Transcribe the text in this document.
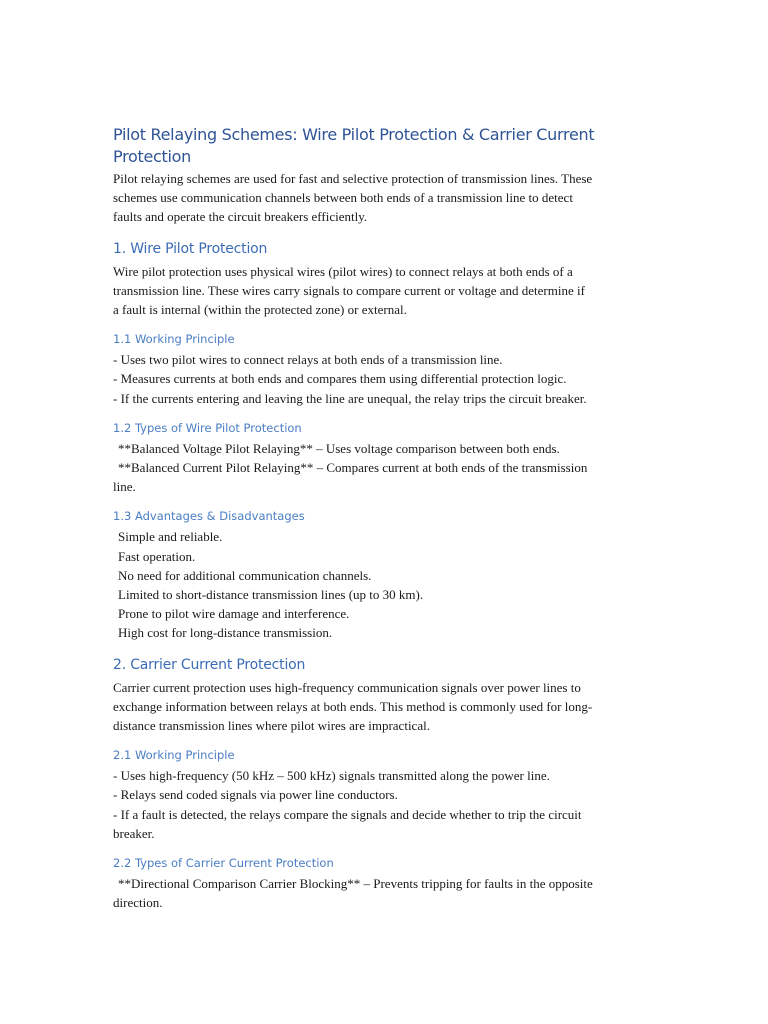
Pilot Relaying Schemes: Wire Pilot Protection & Carrier Current Protection
Pilot relaying schemes are used for fast and selective protection of transmission lines. These
schemes use communication channels between both ends of a transmission line to detect
faults and operate the circuit breakers efficiently.
1. Wire Pilot Protection
Wire pilot protection uses physical wires (pilot wires) to connect relays at both ends of a
transmission line. These wires carry signals to compare current or voltage and determine if
a fault is internal (within the protected zone) or external.
1.1 Working Principle
- Uses two pilot wires to connect relays at both ends of a transmission line.
- Measures currents at both ends and compares them using differential protection logic.
- If the currents entering and leaving the line are unequal, the relay trips the circuit breaker.
1.2 Types of Wire Pilot Protection
**Balanced Voltage Pilot Relaying** – Uses voltage comparison between both ends.
**Balanced Current Pilot Relaying** – Compares current at both ends of the transmission
line.
1.3 Advantages & Disadvantages
Simple and reliable.
Fast operation.
No need for additional communication channels.
Limited to short-distance transmission lines (up to 30 km).
Prone to pilot wire damage and interference.
High cost for long-distance transmission.
2. Carrier Current Protection
Carrier current protection uses high-frequency communication signals over power lines to
exchange information between relays at both ends. This method is commonly used for long-
distance transmission lines where pilot wires are impractical.
2.1 Working Principle
- Uses high-frequency (50 kHz – 500 kHz) signals transmitted along the power line.
- Relays send coded signals via power line conductors.
- If a fault is detected, the relays compare the signals and decide whether to trip the circuit
breaker.
2.2 Types of Carrier Current Protection
**Directional Comparison Carrier Blocking** – Prevents tripping for faults in the opposite
direction.
